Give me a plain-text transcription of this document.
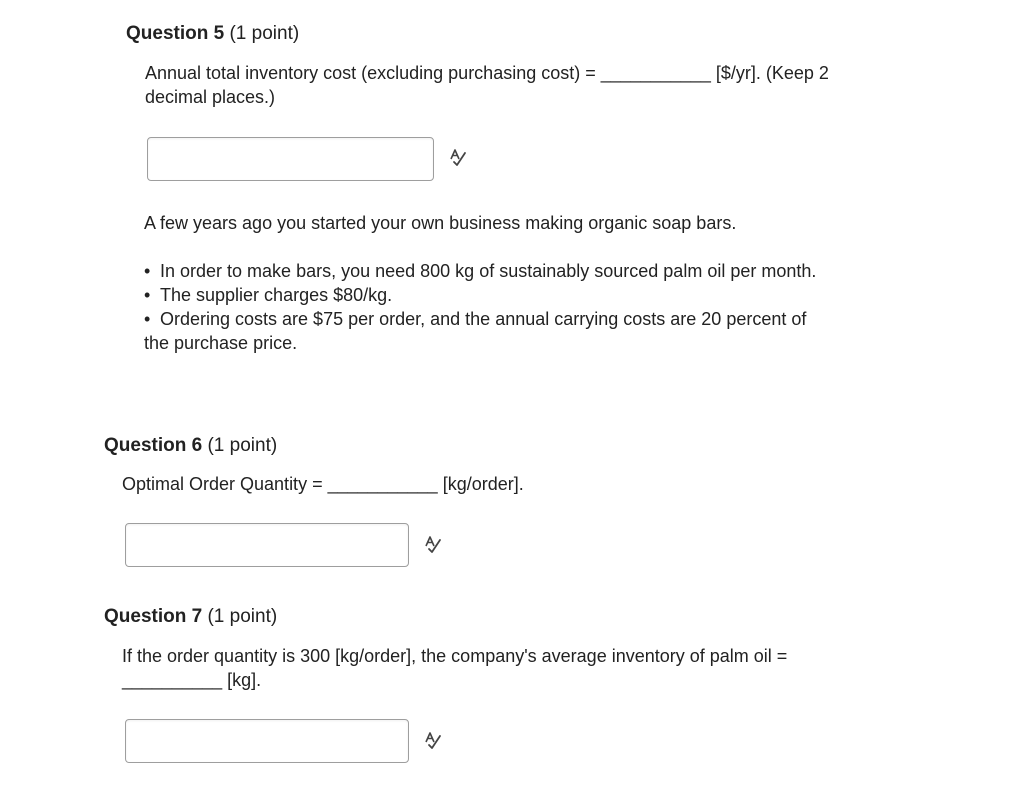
Question 5 (1 point)
Annual total inventory cost (excluding purchasing cost) = ___________ [$/yr]. (Keep 2
decimal places.)
A few years ago you started your own business making organic soap bars.
• In order to make bars, you need 800 kg of sustainably sourced palm oil per month.
• The supplier charges $80/kg.
• Ordering costs are $75 per order, and the annual carrying costs are 20 percent of
the purchase price.
Question 6 (1 point)
Optimal Order Quantity = ___________ [kg/order].
Question 7 (1 point)
If the order quantity is 300 [kg/order], the company's average inventory of palm oil =
__________ [kg].
